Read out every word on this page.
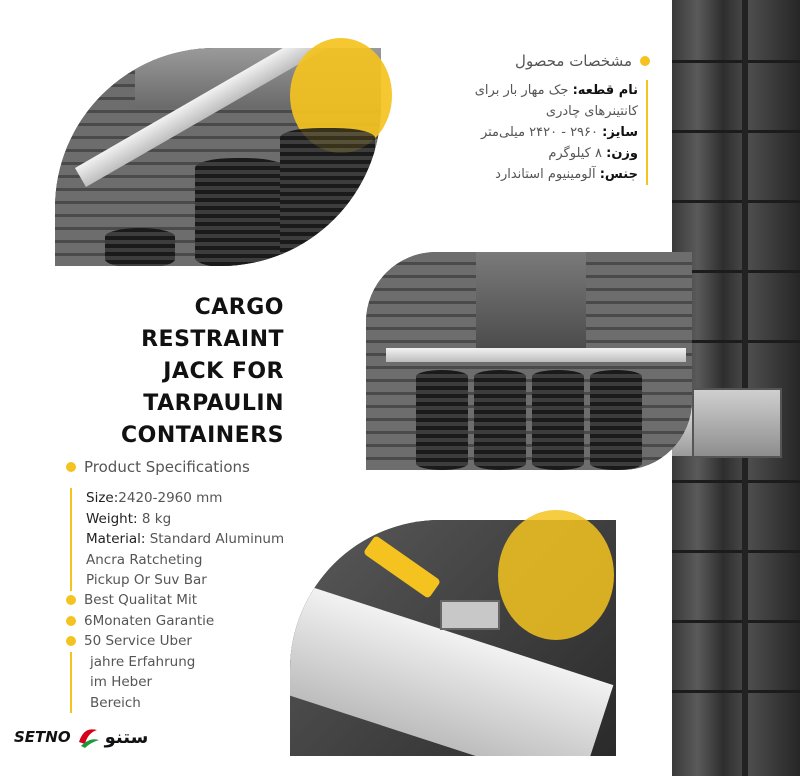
مشخصات محصول
نام قطعه: جک مهار بار برای
کانتینرهای چادری
سایز: ۲۹۶۰ - ۲۴۲۰ میلی‌متر
وزن: ۸ کیلوگرم
جنس: آلومینیوم استاندارد
CARGO
RESTRAINT
JACK FOR
TARPAULIN
CONTAINERS
Product Specifications
Size:2420-2960 mm
Weight: 8 kg
Material: Standard Aluminum
Ancra Ratcheting
Pickup Or Suv Bar
Best Qualitat Mit
6Monaten Garantie
50 Service Uber
jahre Erfahrung
im Heber
Bereich
SETNO ستنو
